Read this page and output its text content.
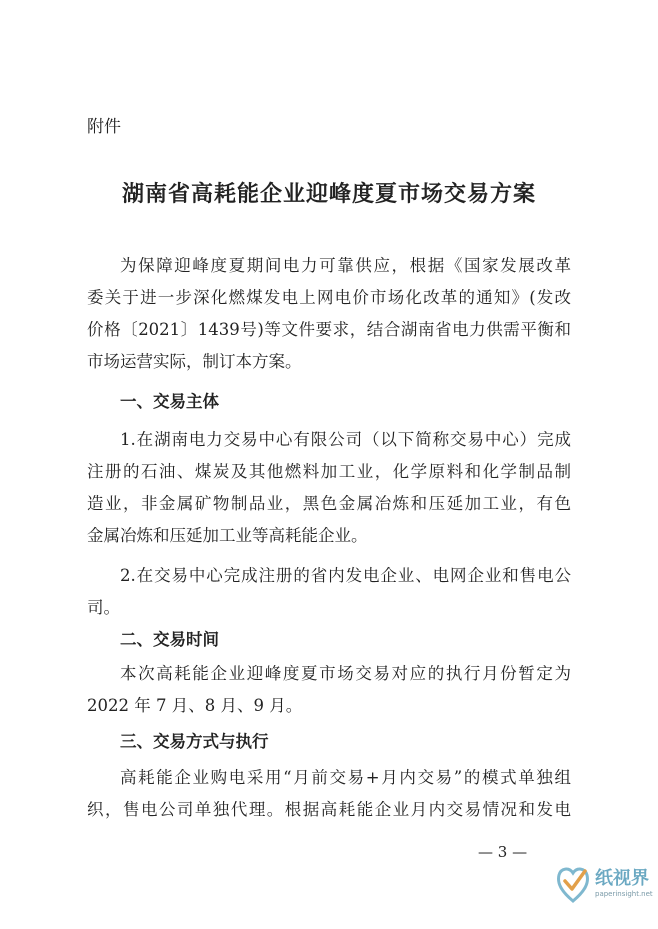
附件
湖南省高耗能企业迎峰度夏市场交易方案
为保障迎峰度夏期间电力可靠供应，根据《国家发展改革
委关于进一步深化燃煤发电上网电价市场化改革的通知》(发改
价格〔2021〕1439号)等文件要求，结合湖南省电力供需平衡和
市场运营实际，制订本方案。
一、交易主体
1.在湖南电力交易中心有限公司（以下简称交易中心）完成
注册的石油、煤炭及其他燃料加工业，化学原料和化学制品制
造业，非金属矿物制品业，黑色金属冶炼和压延加工业，有色
金属冶炼和压延加工业等高耗能企业。
2.在交易中心完成注册的省内发电企业、电网企业和售电公
司。
二、交易时间
本次高耗能企业迎峰度夏市场交易对应的执行月份暂定为
2022 年 7 月、8 月、9 月。
三、交易方式与执行
高耗能企业购电采用“月前交易+月内交易”的模式单独组
织，售电公司单独代理。根据高耗能企业月内交易情况和发电
— 3 —
纸视界
paperinsight.net
